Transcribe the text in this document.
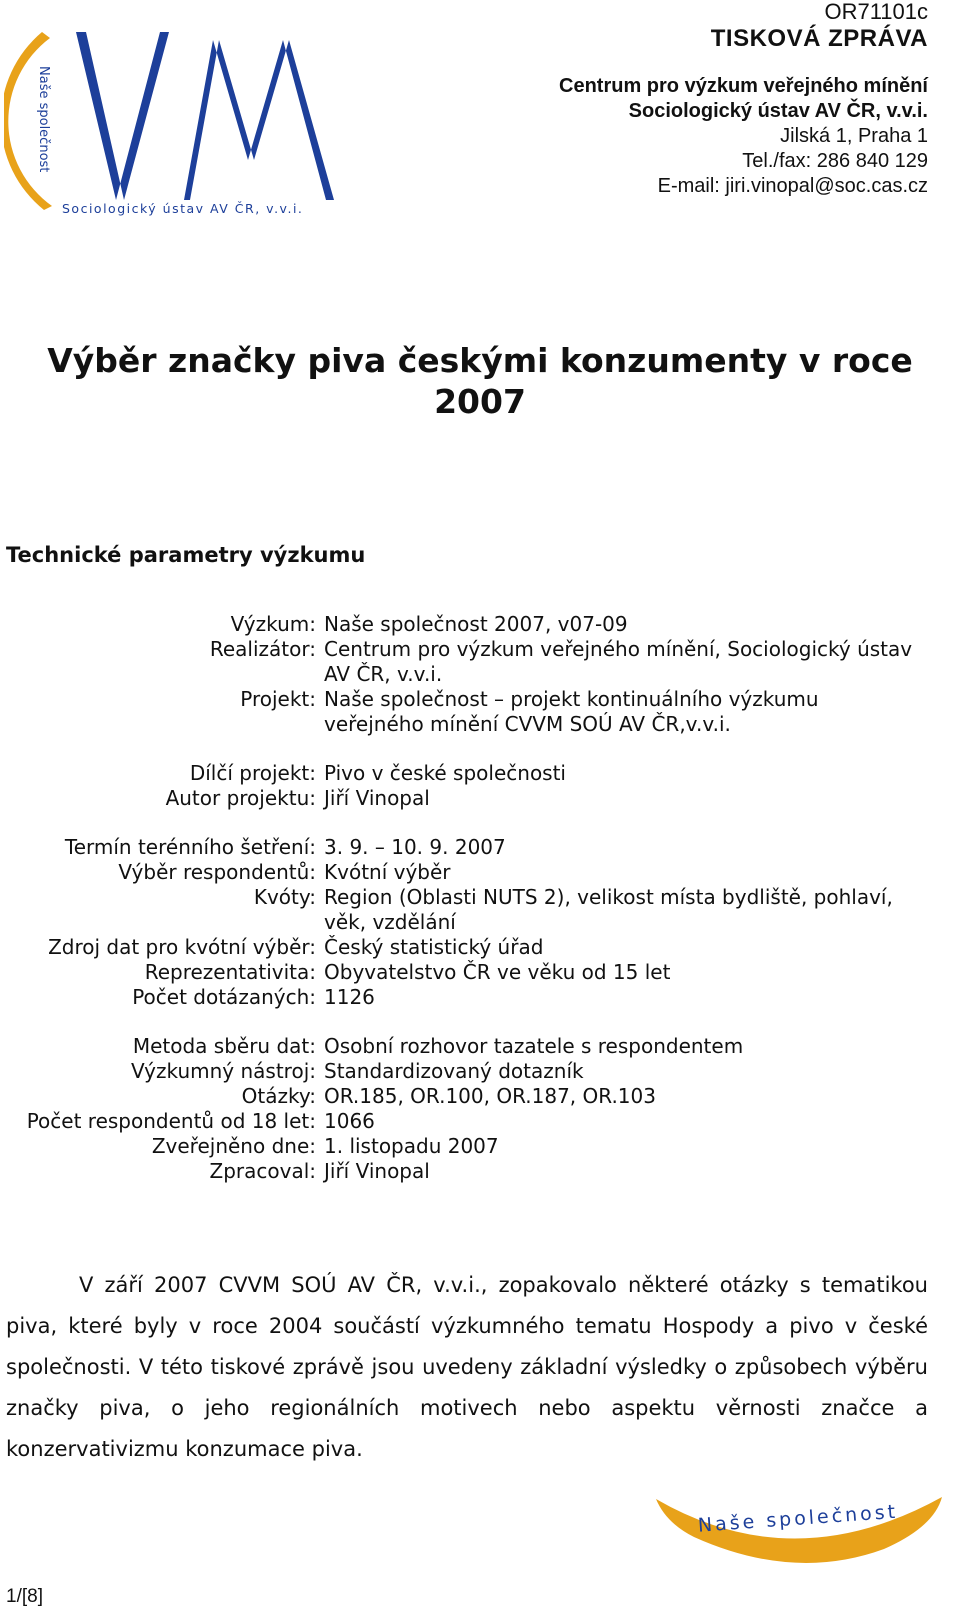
Naše společnost
Sociologický ústav AV ČR, v.v.i.
OR71101c
TISKOVÁ ZPRÁVA
Centrum pro výzkum veřejného mínění
Sociologický ústav AV ČR, v.v.i.
Jilská 1, Praha 1
Tel./fax: 286 840 129
E-mail: jiri.vinopal@soc.cas.cz
Výběr značky piva českými konzumenty v roce
2007
Technické parametry výzkumu
Výzkum: Naše společnost 2007, v07-09
Realizátor: Centrum pro výzkum veřejného mínění, Sociologický ústav AV ČR, v.v.i.
Projekt: Naše společnost – projekt kontinuálního výzkumu veřejného mínění CVVM SOÚ AV ČR,v.v.i.
Dílčí projekt: Pivo v české společnosti
Autor projektu: Jiří Vinopal
Termín terénního šetření: 3. 9. – 10. 9. 2007
Výběr respondentů: Kvótní výběr
Kvóty: Region (Oblasti NUTS 2), velikost místa bydliště, pohlaví, věk, vzdělání
Zdroj dat pro kvótní výběr: Český statistický úřad
Reprezentativita: Obyvatelstvo ČR ve věku od 15 let
Počet dotázaných: 1126
Metoda sběru dat: Osobní rozhovor tazatele s respondentem
Výzkumný nástroj: Standardizovaný dotazník
Otázky: OR.185, OR.100, OR.187, OR.103
Počet respondentů od 18 let: 1066
Zveřejněno dne: 1. listopadu 2007
Zpracoval: Jiří Vinopal
V září 2007 CVVM SOÚ AV ČR, v.v.i., zopakovalo některé otázky s tematikou piva, které byly v roce 2004 součástí výzkumného tematu Hospody a pivo v české společnosti. V této tiskové zprávě jsou uvedeny základní výsledky o způsobech výběru značky piva, o jeho regionálních motivech nebo aspektu věrnosti značce a konzervativizmu konzumace piva.
Naše společnost
1/[8]
